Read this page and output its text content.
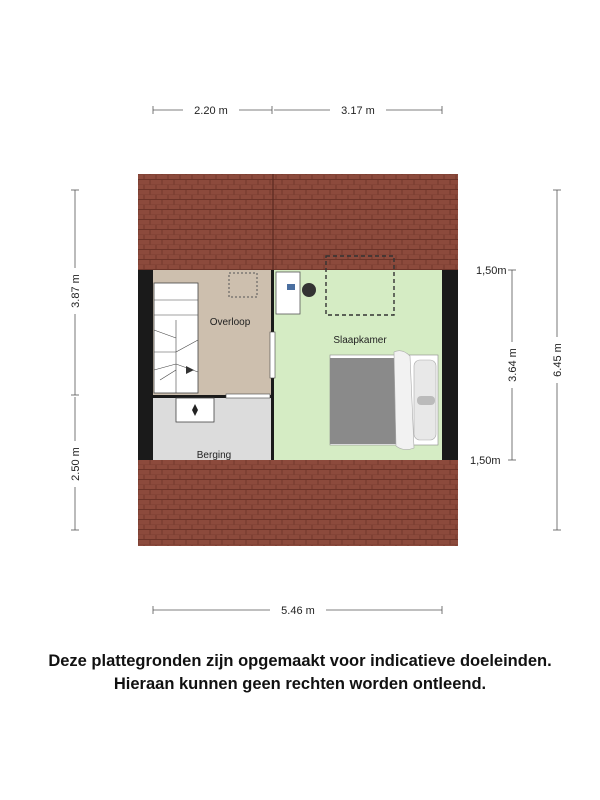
2.20 m	3.17 m
3.87 m
2.50 m
6.45 m
3.64 m
1,50m
1,50m
5.46 m
Overloop
Slaapkamer
Berging
Deze plattegronden zijn opgemaakt voor indicatieve doeleinden.
Hieraan kunnen geen rechten worden ontleend.
